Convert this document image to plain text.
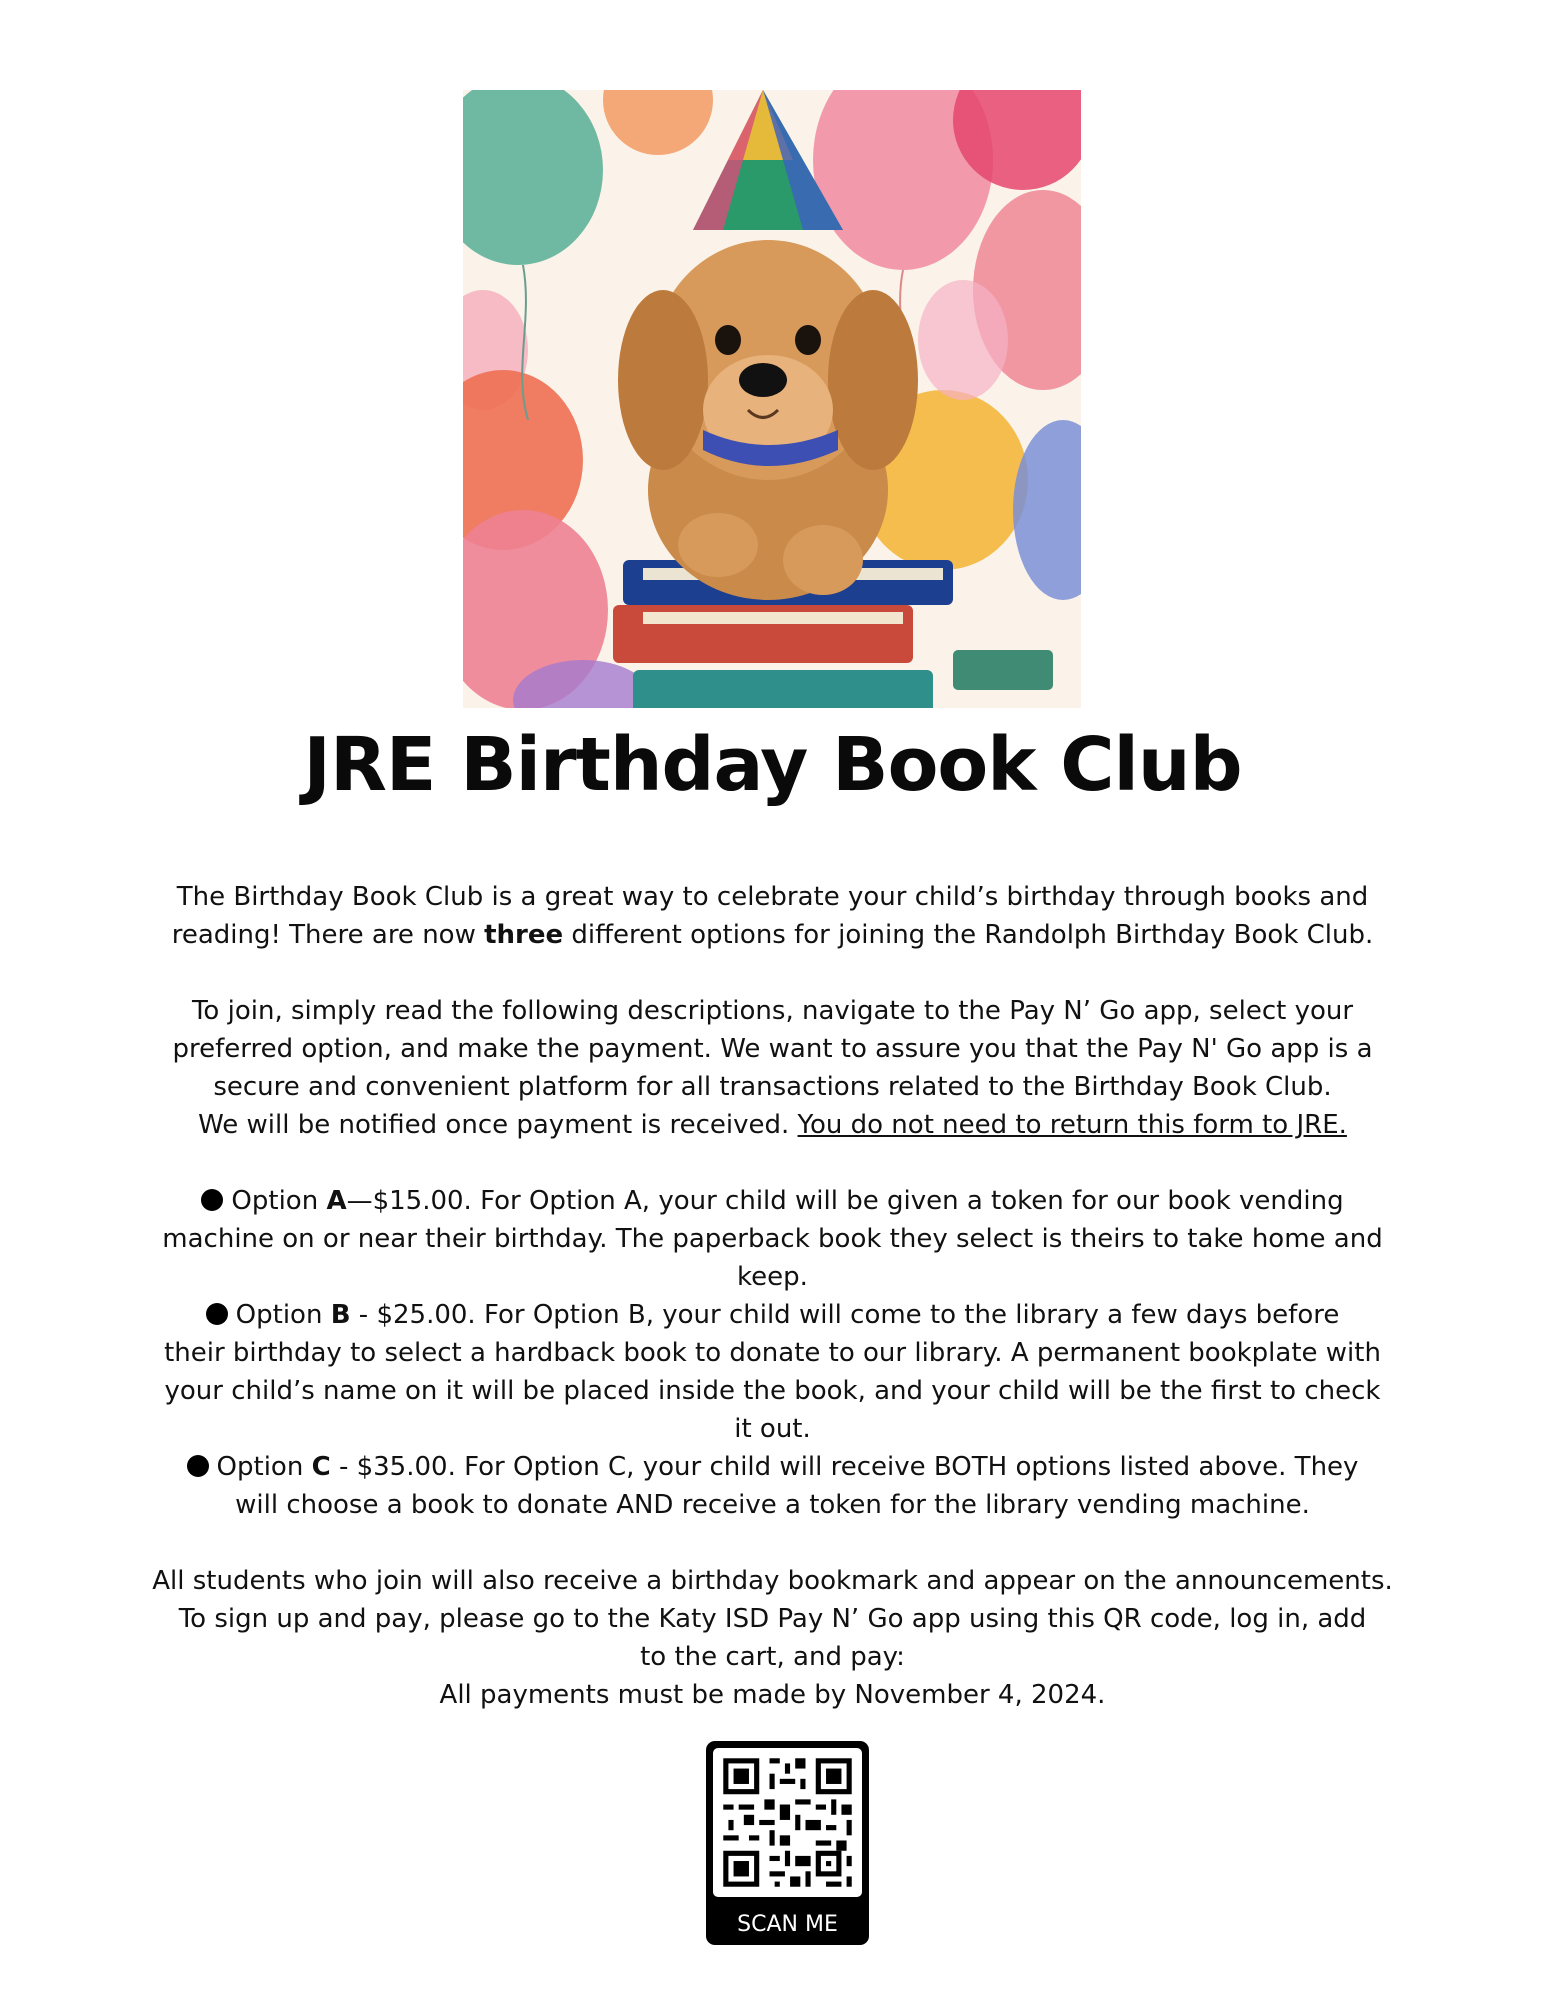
JRE Birthday Book Club

The Birthday Book Club is a great way to celebrate your child’s birthday through books and

reading! There are now three different options for joining the Randolph Birthday Book Club.

To join, simply read the following descriptions, navigate to the Pay N’ Go app, select your

preferred option, and make the payment. We want to assure you that the Pay N' Go app is a

secure and convenient platform for all transactions related to the Birthday Book Club.

We will be notified once payment is received. You do not need to return this form to JRE.

Option A—$15.00. For Option A, your child will be given a token for our book vending

machine on or near their birthday. The paperback book they select is theirs to take home and

keep.

Option B - $25.00. For Option B, your child will come to the library a few days before

their birthday to select a hardback book to donate to our library. A permanent bookplate with

your child’s name on it will be placed inside the book, and your child will be the first to check

it out.

Option C - $35.00. For Option C, your child will receive BOTH options listed above. They

will choose a book to donate AND receive a token for the library vending machine.

All students who join will also receive a birthday bookmark and appear on the announcements.

To sign up and pay, please go to the Katy ISD Pay N’ Go app using this QR code, log in, add

to the cart, and pay:

All payments must be made by November 4, 2024.

SCAN ME
